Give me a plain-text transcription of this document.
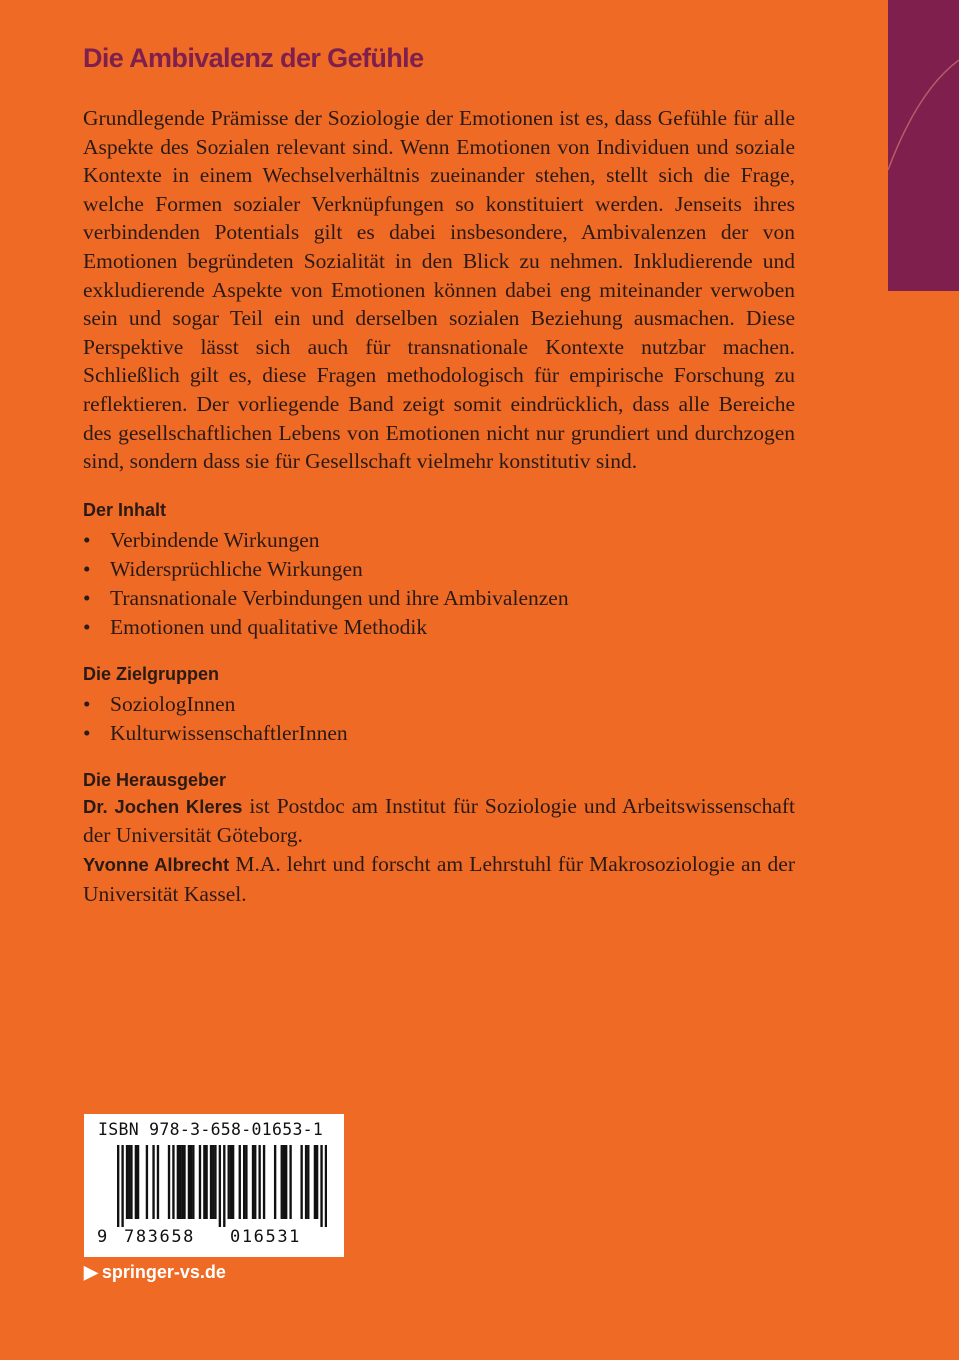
Die Ambivalenz der Gefühle

Grundlegende Prämisse der Soziologie der Emotionen ist es, dass Gefühle für alle Aspekte des Sozialen relevant sind. Wenn Emotionen von Individuen und soziale Kontexte in einem Wechselverhältnis zueinander stehen, stellt sich die Frage, welche Formen sozialer Verknüpfungen so konstituiert werden. Jenseits ihres verbindenden Potentials gilt es dabei insbesondere, Ambivalenzen der von Emotionen begründeten Sozialität in den Blick zu nehmen. Inkludierende und exkludierende Aspekte von Emotionen können dabei eng miteinander verwoben sein und sogar Teil ein und derselben sozialen Beziehung ausmachen. Diese Perspektive lässt sich auch für transnationale Kontexte nutzbar machen. Schließlich gilt es, diese Fragen methodologisch für empirische Forschung zu reflektieren. Der vorliegende Band zeigt somit eindrücklich, dass alle Bereiche des gesellschaftlichen Lebens von Emotionen nicht nur grundiert und durchzogen sind, sondern dass sie für Gesellschaft vielmehr konstitutiv sind.

Der Inhalt
• Verbindende Wirkungen
• Widersprüchliche Wirkungen
• Transnationale Verbindungen und ihre Ambivalenzen
• Emotionen und qualitative Methodik
Die Zielgruppen
• SoziologInnen
• KulturwissenschaftlerInnen
Die Herausgeber

Dr. Jochen Kleres ist Postdoc am Institut für Soziologie und Arbeitswissenschaft der Universität Göteborg.

Yvonne Albrecht M.A. lehrt und forscht am Lehrstuhl für Makrosoziologie an der Universität Kassel.

ISBN 978-3-658-01653-1
9 783658 016531
▶ springer-vs.de
